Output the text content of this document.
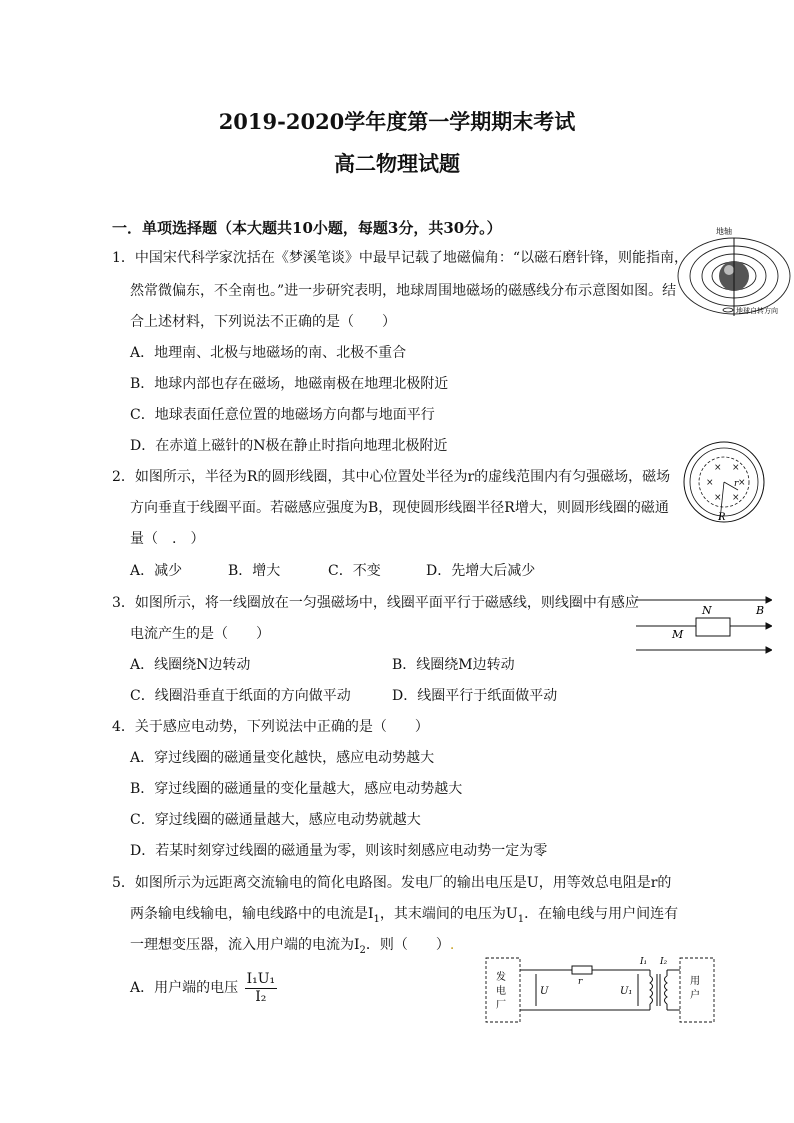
2019-2020学年度第一学期期末考试
高二物理试题
一．单项选择题（本大题共10小题，每题3分，共30分。）
1．中国宋代科学家沈括在《梦溪笔谈》中最早记载了地磁偏角：“以磁石磨针锋，则能指南，
然常微偏东，不全南也。”进一步研究表明，地球周围地磁场的磁感线分布示意图如图。结
合上述材料，下列说法不正确的是（　　）
A．地理南、北极与地磁场的南、北极不重合
B．地球内部也存在磁场，地磁南极在地理北极附近
C．地球表面任意位置的地磁场方向都与地面平行
D．在赤道上磁针的N极在静止时指向地理北极附近
地轴
地球自转方向
2．如图所示，半径为R的圆形线圈，其中心位置处半径为r的虚线范围内有匀强磁场，磁场
方向垂直于线圈平面。若磁感应强度为B，现使圆形线圈半径R增大，则圆形线圈的磁通
量（　.　）
A．减少	B．增大	C．不变	D．先增大后减少
× ×
×	×
× ×
r
R
3．如图所示，将一线圈放在一匀强磁场中，线圈平面平行于磁感线，则线圈中有感应
电流产生的是（　　）
A．线圈绕N边转动	B．线圈绕M边转动
C．线圈沿垂直于纸面的方向做平动	D．线圈平行于纸面做平动
N
M
B
4．关于感应电动势，下列说法中正确的是（　　）
A．穿过线圈的磁通量变化越快，感应电动势越大
B．穿过线圈的磁通量的变化量越大，感应电动势越大
C．穿过线圈的磁通量越大，感应电动势就越大
D．若某时刻穿过线圈的磁通量为零，则该时刻感应电动势一定为零
5．如图所示为远距离交流输电的简化电路图。发电厂的输出电压是U，用等效总电阻是r的
两条输电线输电，输电线路中的电流是$I_1$，其末端间的电压为$U_1$．在输电线与用户间连有
一理想变压器，流入用户端的电流为$I_2$．则（　　）.
A．用户端的电压 $\frac{\text{I₁U₁}}{\text{I₂}}$	发
电
厂
用
户
U
r
U₁
I₁ I₂
